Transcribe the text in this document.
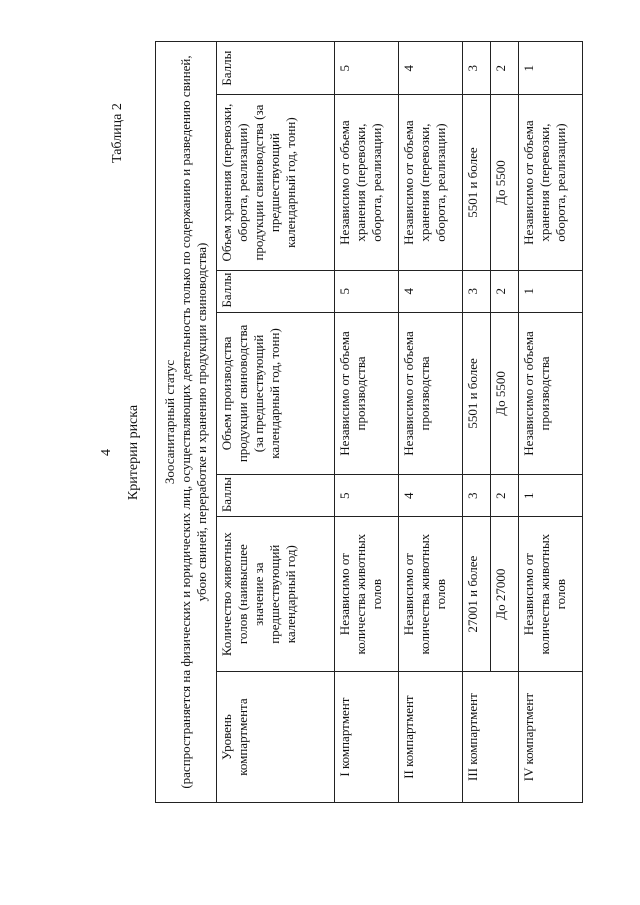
4
Таблица 2
Критерии риска Зоосанитарный статус (распространяется на физических и юридических лиц, осуществляющих деятельность только по содержанию и разведению свиней, убою свиней, переработке и хранению продукции свиноводства)						

Уровень компартмента	Количество животных голов (наивысшее значение за предшествующий календарный год)	Баллы	Объем производства продукции свиноводства (за предшествующий календарный год, тонн)	Баллы	Объем хранения (перевозки, оборота, реализации) продукции свиноводства (за предшествующий календарный год, тонн)	Баллы
I компартмент	Независимо от количества животных голов	5	Независимо от объема производства	5	Независимо от объема хранения (перевозки, оборота, реализации)	5
II компартмент	Независимо от количества животных голов	4	Независимо от объема производства	4	Независимо от объема хранения (перевозки, оборота, реализации)	4
III компартмент	27001 и более	3	5501 и более	3	5501 и более	3
	До 27000	2	До 5500	2	До 5500	2
IV компартмент	Независимо от количества животных голов	1	Независимо от объема производства	1	Независимо от объема хранения (перевозки, оборота, реализации)	1
